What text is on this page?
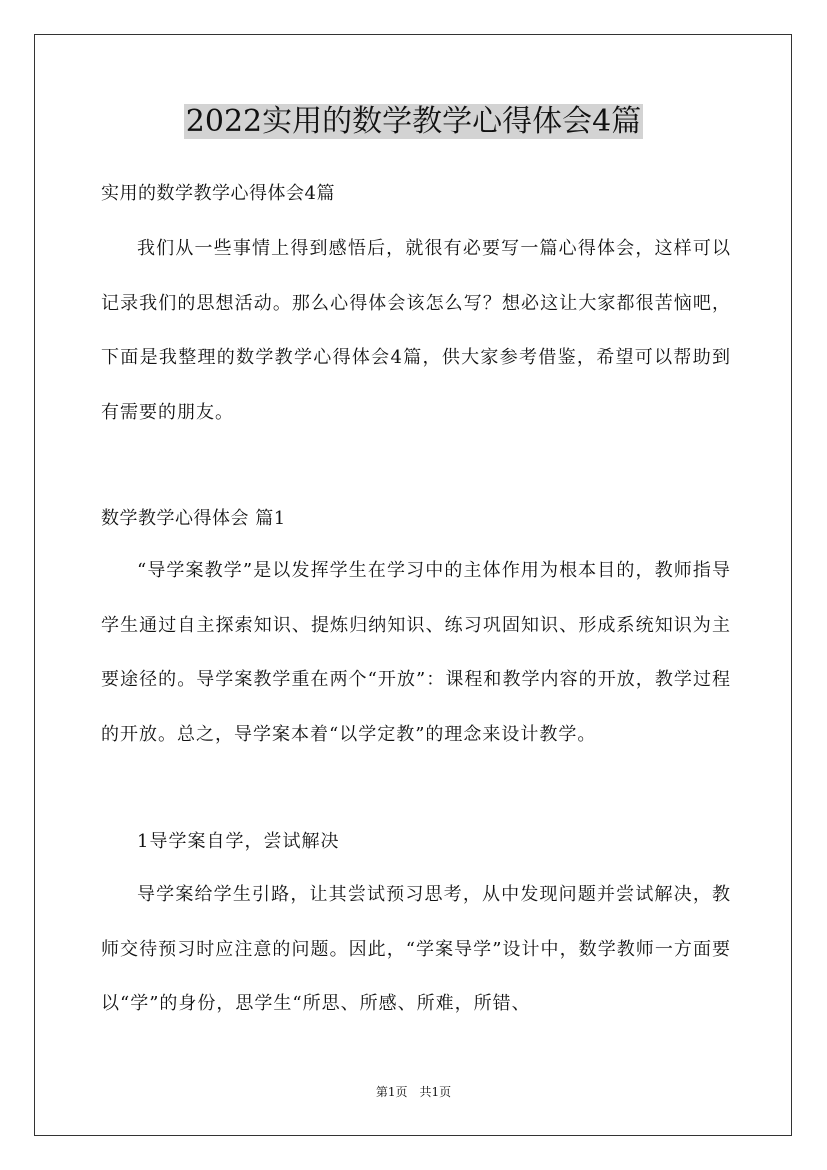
2022实用的数学教学心得体会4篇
实用的数学教学心得体会4篇
我们从一些事情上得到感悟后，就很有必要写一篇心得体会，这样可以记录我们的思想活动。那么心得体会该怎么写？想必这让大家都很苦恼吧，下面是我整理的数学教学心得体会4篇，供大家参考借鉴，希望可以帮助到有需要的朋友。
数学教学心得体会 篇1
“导学案教学”是以发挥学生在学习中的主体作用为根本目的，教师指导学生通过自主探索知识、提炼归纳知识、练习巩固知识、形成系统知识为主要途径的。导学案教学重在两个“开放”：课程和教学内容的开放，教学过程的开放。总之，导学案本着“以学定教”的理念来设计教学。
1导学案自学，尝试解决
导学案给学生引路，让其尝试预习思考，从中发现问题并尝试解决，教师交待预习时应注意的问题。因此，“学案导学”设计中，数学教师一方面要以“学”的身份，思学生“所思、所感、所难，所错、
第1页　共1页
